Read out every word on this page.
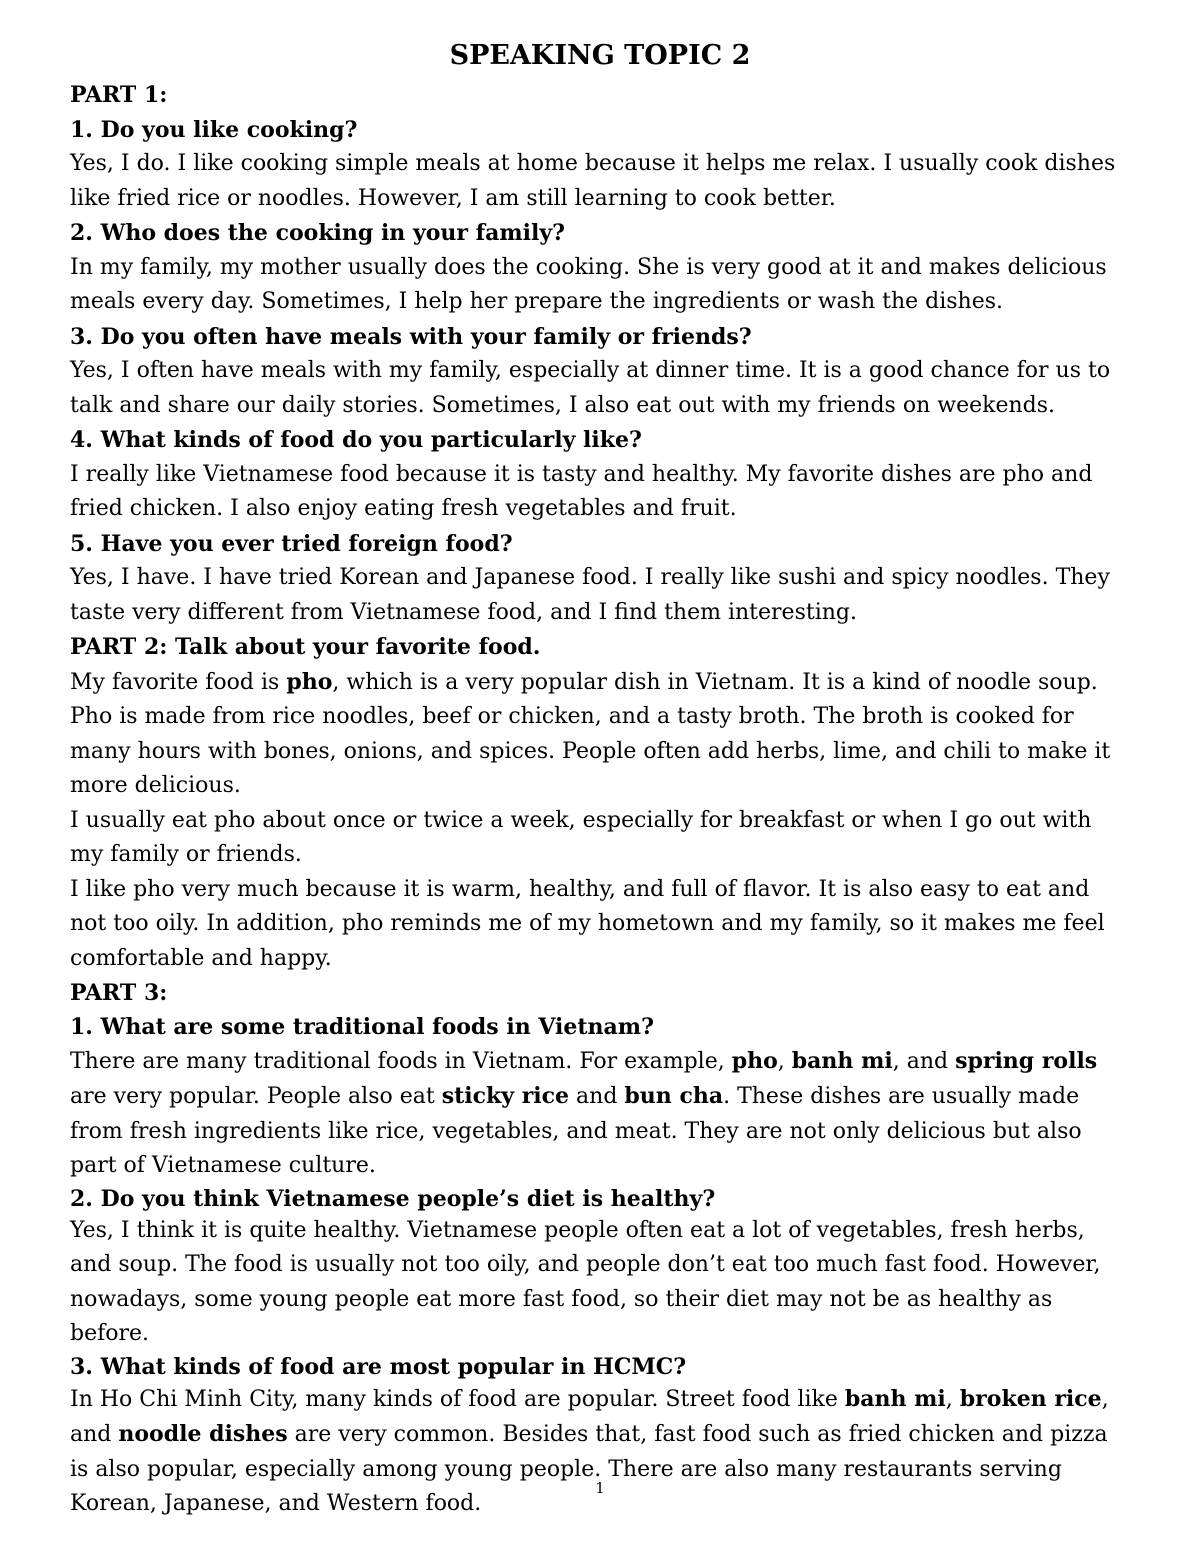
SPEAKING TOPIC 2

PART 1:

1. Do you like cooking?

Yes, I do. I like cooking simple meals at home because it helps me relax. I usually cook dishes like fried rice or noodles. However, I am still learning to cook better.

2. Who does the cooking in your family?

In my family, my mother usually does the cooking. She is very good at it and makes delicious meals every day. Sometimes, I help her prepare the ingredients or wash the dishes.

3. Do you often have meals with your family or friends?

Yes, I often have meals with my family, especially at dinner time. It is a good chance for us to talk and share our daily stories. Sometimes, I also eat out with my friends on weekends.

4. What kinds of food do you particularly like?

I really like Vietnamese food because it is tasty and healthy. My favorite dishes are pho and fried chicken. I also enjoy eating fresh vegetables and fruit.

5. Have you ever tried foreign food?

Yes, I have. I have tried Korean and Japanese food. I really like sushi and spicy noodles. They taste very different from Vietnamese food, and I find them interesting.

PART 2: Talk about your favorite food.

My favorite food is pho, which is a very popular dish in Vietnam. It is a kind of noodle soup.

Pho is made from rice noodles, beef or chicken, and a tasty broth. The broth is cooked for many hours with bones, onions, and spices. People often add herbs, lime, and chili to make it more delicious.

I usually eat pho about once or twice a week, especially for breakfast or when I go out with my family or friends.

I like pho very much because it is warm, healthy, and full of flavor. It is also easy to eat and not too oily. In addition, pho reminds me of my hometown and my family, so it makes me feel comfortable and happy.

PART 3:

1. What are some traditional foods in Vietnam?

There are many traditional foods in Vietnam. For example, pho, banh mi, and spring rolls are very popular. People also eat sticky rice and bun cha. These dishes are usually made from fresh ingredients like rice, vegetables, and meat. They are not only delicious but also part of Vietnamese culture.

2. Do you think Vietnamese people’s diet is healthy?

Yes, I think it is quite healthy. Vietnamese people often eat a lot of vegetables, fresh herbs, and soup. The food is usually not too oily, and people don’t eat too much fast food. However, nowadays, some young people eat more fast food, so their diet may not be as healthy as before.

3. What kinds of food are most popular in HCMC?

In Ho Chi Minh City, many kinds of food are popular. Street food like banh mi, broken rice, and noodle dishes are very common. Besides that, fast food such as fried chicken and pizza is also popular, especially among young people. There are also many restaurants serving Korean, Japanese, and Western food.

1
